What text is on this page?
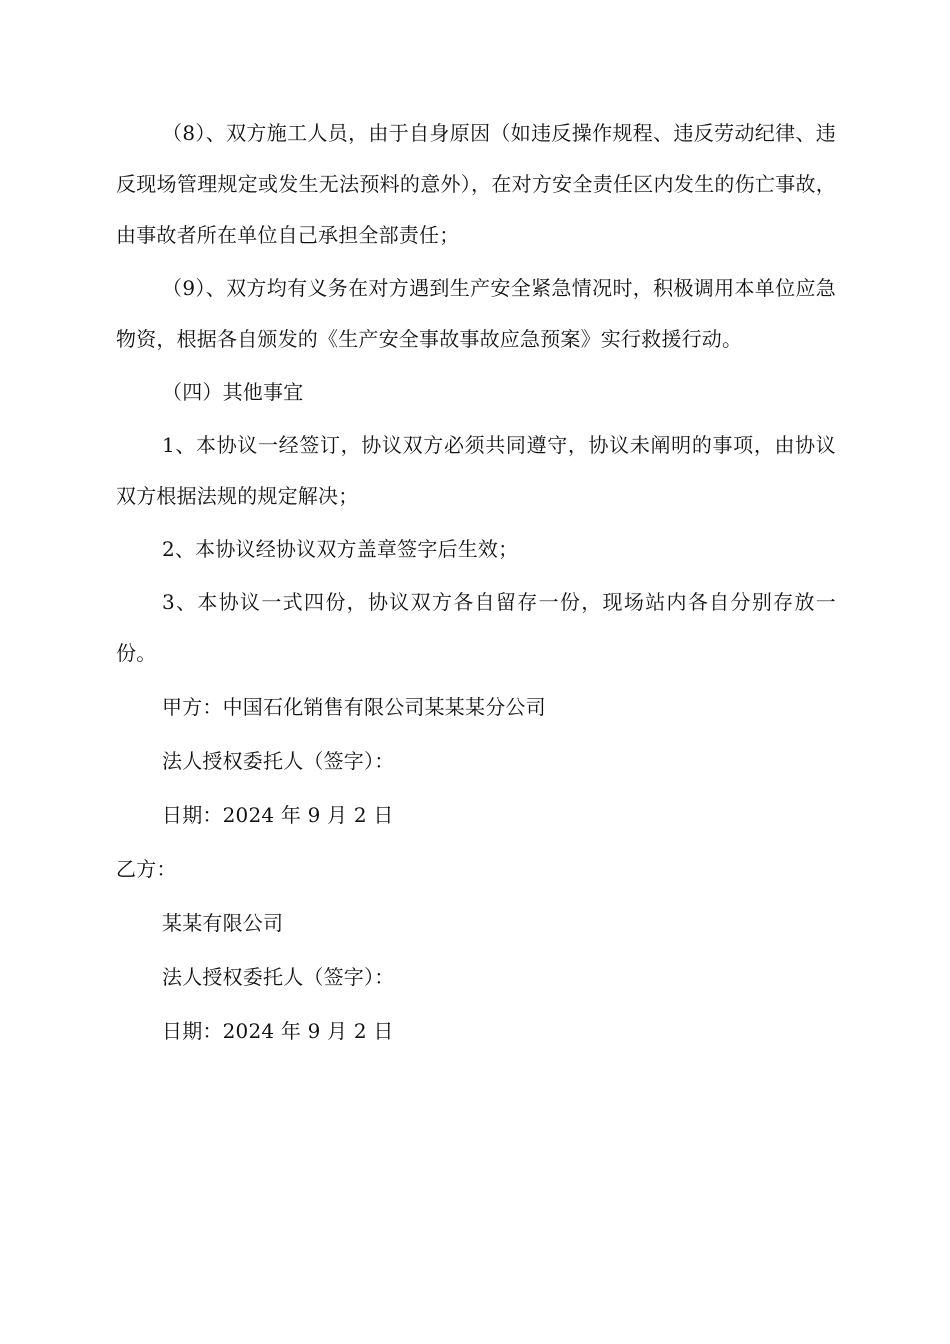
（8）、双方施工人员，由于自身原因（如违反操作规程、违反劳动纪律、违反现场管理规定或发生无法预料的意外），在对方安全责任区内发生的伤亡事故，由事故者所在单位自己承担全部责任；

（9）、双方均有义务在对方遇到生产安全紧急情况时，积极调用本单位应急物资，根据各自颁发的《生产安全事故事故应急预案》实行救援行动。

（四）其他事宜

1、本协议一经签订，协议双方必须共同遵守，协议未阐明的事项，由协议双方根据法规的规定解决；

2、本协议经协议双方盖章签字后生效；

3、本协议一式四份，协议双方各自留存一份，现场站内各自分别存放一份。

甲方：中国石化销售有限公司某某某分公司

法人授权委托人（签字）：

日期：2024 年 9 月 2 日

乙方：

某某有限公司

法人授权委托人（签字）：

日期：2024 年 9 月 2 日
